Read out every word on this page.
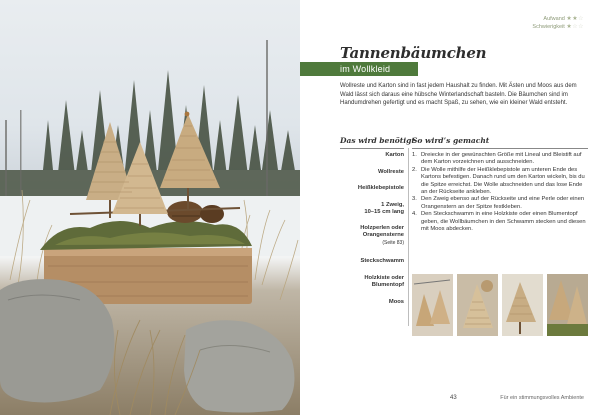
Aufwand ★★☆
Schwierigkeit ★☆☆
Tannenbäumchen
im Wollkleid
Wollreste und Karton sind in fast jedem Haushalt zu finden. Mit Ästen und Moos aus dem Wald lässt sich daraus eine hübsche Winterlandschaft basteln. Die Bäumchen sind im Handumdrehen gefertigt und es macht Spaß, zu sehen, wie ein kleiner Wald entsteht.
Das wird benötigt
So wird’s gemacht
Karton
Wollreste
Heißklebepistole
1 Zweig,
10–15 cm lang
Holzperlen oder
Orangensterne
(Seite 83)
Steckschwamm
Holzkiste oder
Blumentopf
Moos
1. Dreiecke in der gewünschten Größe mit Lineal und Bleistift auf dem Karton vorzeichnen und ausschneiden.
2. Die Wolle mithilfe der Heißklebepistole am unteren Ende des Kartons befestigen. Danach rund um den Karton wickeln, bis du die Spitze erreichst. Die Wolle abschneiden und das lose Ende an der Rückseite ankleben.
3. Den Zweig ebenso auf der Rückseite und eine Perle oder einen Orangenstern an der Spitze festkleben.
4. Den Steckschwamm in eine Holzkiste oder einen Blumentopf geben, die Wollbäumchen in den Schwamm stecken und diesen mit Moos abdecken.
43	Für ein stimmungsvolles Ambiente
